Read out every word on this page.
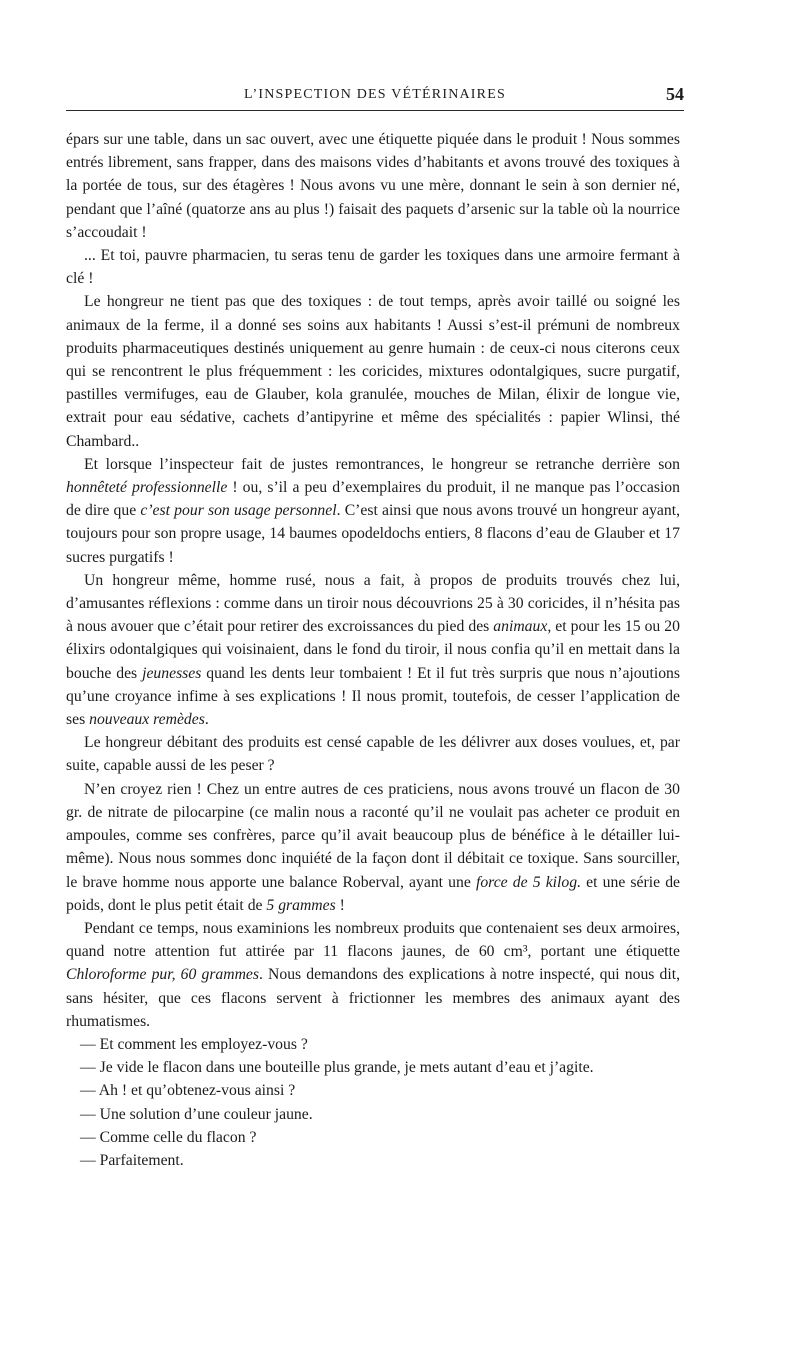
L’INSPECTION DES VÉTÉRINAIRES	54

épars sur une table, dans un sac ouvert, avec une étiquette piquée dans le produit ! Nous sommes entrés librement, sans frapper, dans des maisons vides d’habitants et avons trouvé des toxiques à la portée de tous, sur des étagères ! Nous avons vu une mère, donnant le sein à son dernier né, pendant que l’aîné (quatorze ans au plus !) faisait des paquets d’arsenic sur la table où la nourrice s’accoudait !

... Et toi, pauvre pharmacien, tu seras tenu de garder les toxiques dans une armoire fermant à clé !

Le hongreur ne tient pas que des toxiques : de tout temps, après avoir taillé ou soigné les animaux de la ferme, il a donné ses soins aux habitants ! Aussi s’est-il prémuni de nombreux produits pharmaceutiques destinés uniquement au genre humain : de ceux-ci nous citerons ceux qui se rencontrent le plus fréquemment : les coricides, mixtures odontalgiques, sucre purgatif, pastilles vermifuges, eau de Glauber, kola granulée, mouches de Milan, élixir de longue vie, extrait pour eau sédative, cachets d’antipyrine et même des spécialités : papier Wlinsi, thé Chambard..

Et lorsque l’inspecteur fait de justes remontrances, le hongreur se retranche derrière son honnêteté professionnelle ! ou, s’il a peu d’exemplaires du produit, il ne manque pas l’occasion de dire que c’est pour son usage personnel. C’est ainsi que nous avons trouvé un hongreur ayant, toujours pour son propre usage, 14 baumes opodeldochs entiers, 8 flacons d’eau de Glauber et 17 sucres purgatifs !

Un hongreur même, homme rusé, nous a fait, à propos de produits trouvés chez lui, d’amusantes réflexions : comme dans un tiroir nous découvrions 25 à 30 coricides, il n’hésita pas à nous avouer que c’était pour retirer des excroissances du pied des animaux, et pour les 15 ou 20 élixirs odontalgiques qui voisinaient, dans le fond du tiroir, il nous confia qu’il en mettait dans la bouche des jeunesses quand les dents leur tombaient ! Et il fut très surpris que nous n’ajoutions qu’une croyance infime à ses explications ! Il nous promit, toutefois, de cesser l’application de ses nouveaux remèdes.

Le hongreur débitant des produits est censé capable de les délivrer aux doses voulues, et, par suite, capable aussi de les peser ?

N’en croyez rien ! Chez un entre autres de ces praticiens, nous avons trouvé un flacon de 30 gr. de nitrate de pilocarpine (ce malin nous a raconté qu’il ne voulait pas acheter ce produit en ampoules, comme ses confrères, parce qu’il avait beaucoup plus de bénéfice à le détailler lui-même). Nous nous sommes donc inquiété de la façon dont il débitait ce toxique. Sans sourciller, le brave homme nous apporte une balance Roberval, ayant une force de 5 kilog. et une série de poids, dont le plus petit était de 5 grammes !

Pendant ce temps, nous examinions les nombreux produits que contenaient ses deux armoires, quand notre attention fut attirée par 11 flacons jaunes, de 60 cm³, portant une étiquette Chloroforme pur, 60 grammes. Nous demandons des explications à notre inspecté, qui nous dit, sans hésiter, que ces flacons servent à frictionner les membres des animaux ayant des rhumatismes.

— Et comment les employez-vous ?

— Je vide le flacon dans une bouteille plus grande, je mets autant d’eau et j’agite.

— Ah ! et qu’obtenez-vous ainsi ?

— Une solution d’une couleur jaune.

— Comme celle du flacon ?

— Parfaitement.
